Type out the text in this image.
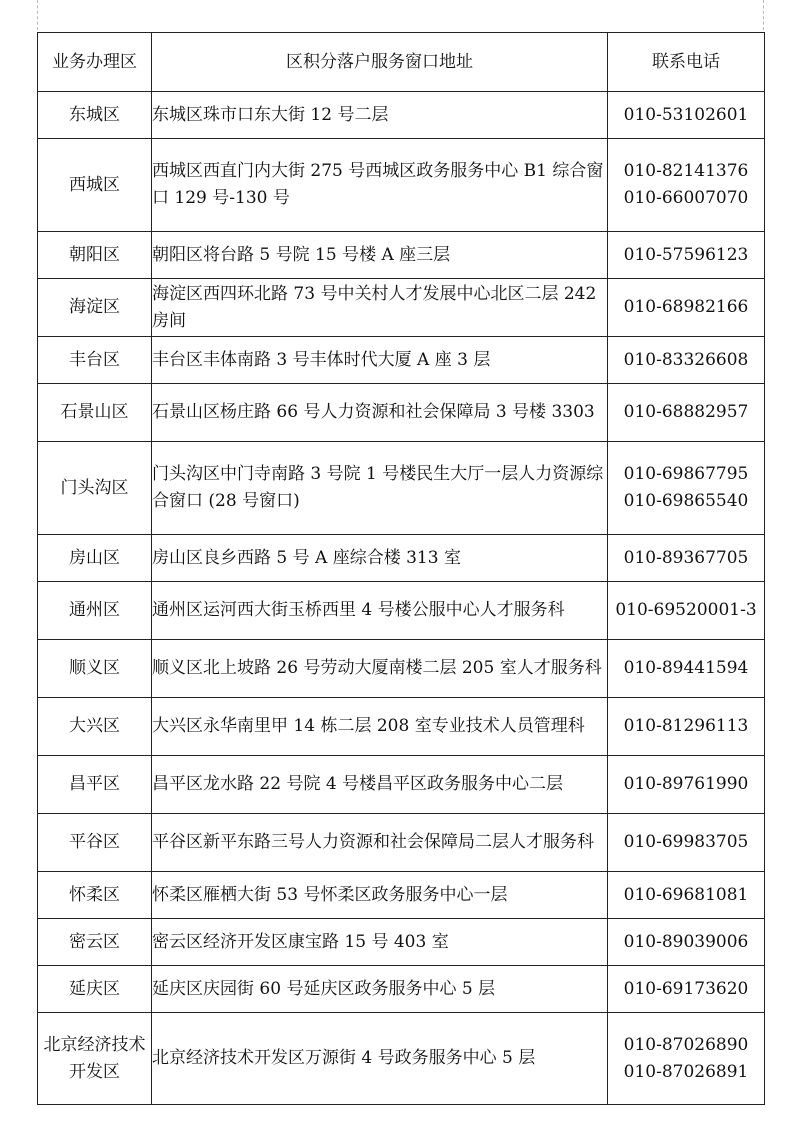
业务办理区	区积分落户服务窗口地址	联系电话
东城区	东城区珠市口东大街 12 号二层	010-53102601

西城区	西城区西直门内大街 275 号西城区政务服务中心 B1 综合窗口 129 号-130 号	010-82141376
010-66007070

朝阳区	朝阳区将台路 5 号院 15 号楼 A 座三层	010-57596123

海淀区	海淀区西四环北路 73 号中关村人才发展中心北区二层 242 房间	010-68982166

丰台区	丰台区丰体南路 3 号丰体时代大厦 A 座 3 层	010-83326608

石景山区	石景山区杨庄路 66 号人力资源和社会保障局 3 号楼 3303	010-68882957

门头沟区	门头沟区中门寺南路 3 号院 1 号楼民生大厅一层人力资源综合窗口 (28 号窗口)	010-69867795
010-69865540

房山区	房山区良乡西路 5 号 A 座综合楼 313 室	010-89367705

通州区	通州区运河西大街玉桥西里 4 号楼公服中心人才服务科	010-69520001-3

顺义区	顺义区北上坡路 26 号劳动大厦南楼二层 205 室人才服务科	010-89441594

大兴区	大兴区永华南里甲 14 栋二层 208 室专业技术人员管理科	010-81296113

昌平区	昌平区龙水路 22 号院 4 号楼昌平区政务服务中心二层	010-89761990

平谷区	平谷区新平东路三号人力资源和社会保障局二层人才服务科	010-69983705

怀柔区	怀柔区雁栖大街 53 号怀柔区政务服务中心一层	010-69681081

密云区	密云区经济开发区康宝路 15 号 403 室	010-89039006

延庆区	延庆区庆园街 60 号延庆区政务服务中心 5 层	010-69173620

北京经济技术开发区	北京经济技术开发区万源街 4 号政务服务中心 5 层	010-87026890
010-87026891
